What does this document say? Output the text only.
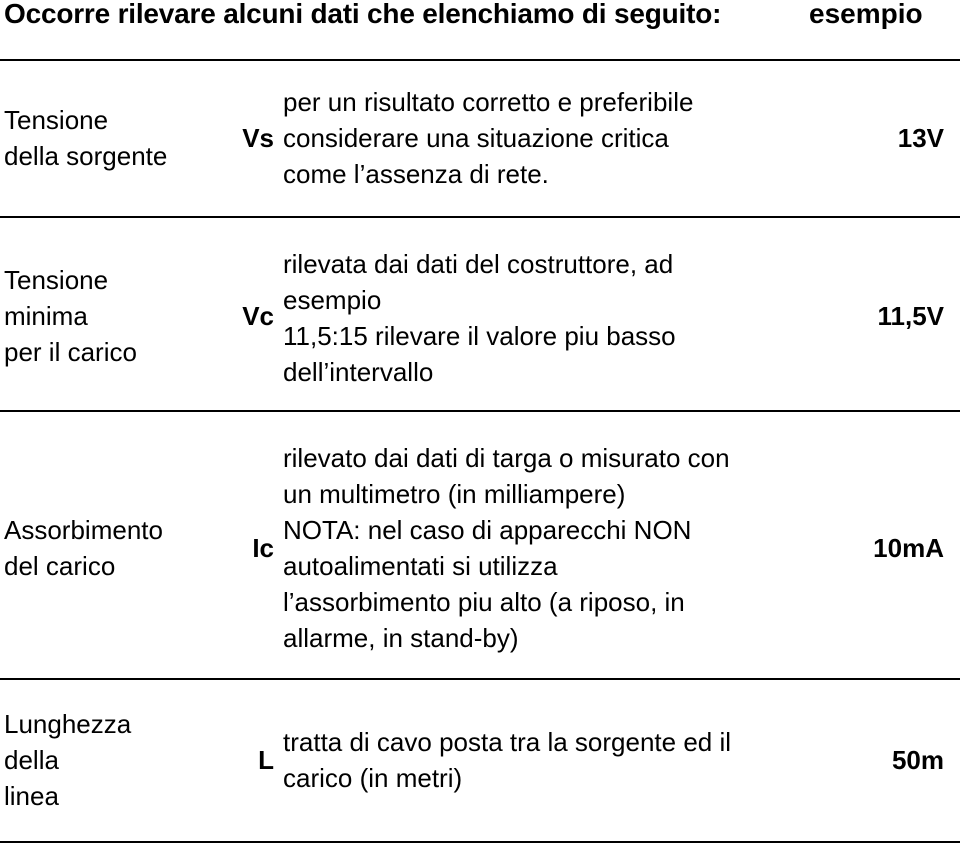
Occorre rilevare alcuni dati che elenchiamo di seguito:	esempio
Tensione
della sorgente
Vs
per un risultato corretto e preferibile
considerare una situazione critica
come l’assenza di rete.
13V
Tensione
minima
per il carico
Vc
rilevata dai dati del costruttore, ad
esempio
11,5:15 rilevare il valore piu basso
dell’intervallo
11,5V
Assorbimento
del carico
Ic
rilevato dai dati di targa o misurato con
un multimetro (in milliampere)
NOTA: nel caso di apparecchi NON
autoalimentati si utilizza
l’assorbimento piu alto (a riposo, in
allarme, in stand-by)
10mA
Lunghezza
della
linea
L
tratta di cavo posta tra la sorgente ed il
carico (in metri)
50m
